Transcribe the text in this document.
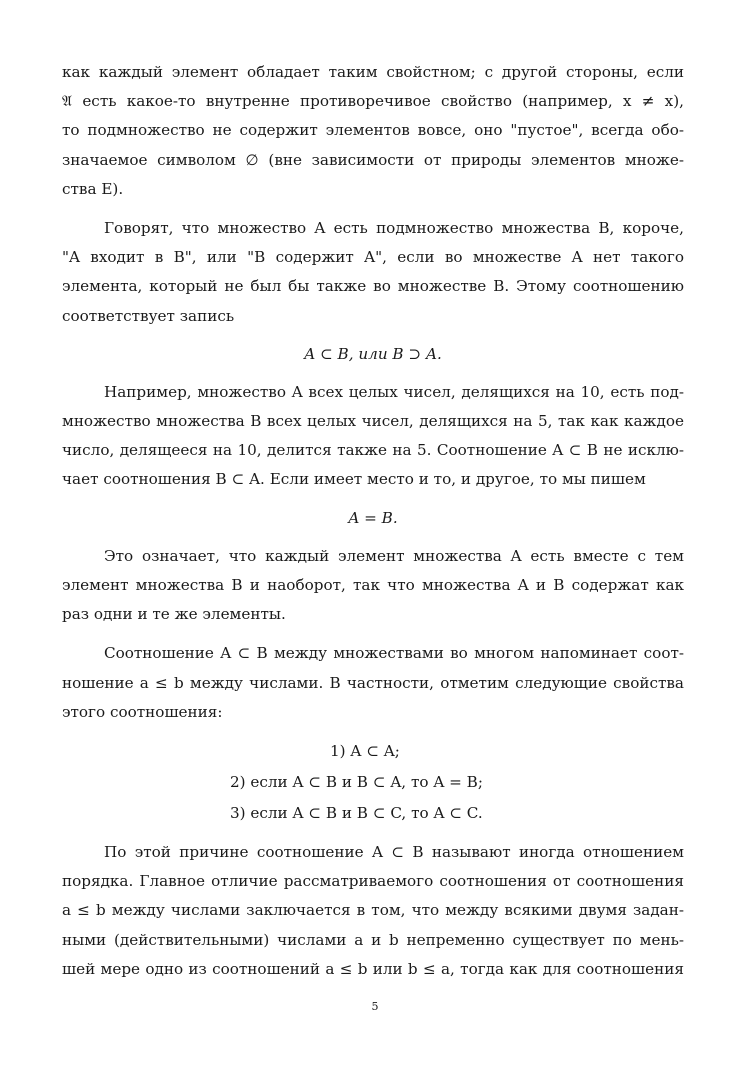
как каждый элемент обладает таким свойстном; с другой стороны, если
𝔄 есть какое-то внутренне противоречивое свойство (например, x ≠ x),
то подмножество не содержит элементов вовсе, оно "пустое", всегда обо-
значаемое символом ∅ (вне зависимости от природы элементов множе-
ства E).
Говорят, что множество A есть подмножество множества B, короче,
"A входит в B", или "B содержит A", если во множестве A нет такого
элемента, который не был бы также во множестве B. Этому соотношению
соответствует запись
A ⊂ B, или B ⊃ A.
Например, множество A всех целых чисел, делящихся на 10, есть под-
множество множества B всех целых чисел, делящихся на 5, так как каждое
число, делящееся на 10, делится также на 5. Соотношение A ⊂ B не исклю-
чает соотношения B ⊂ A. Если имеет место и то, и другое, то мы пишем
A = B.
Это означает, что каждый элемент множества A есть вместе с тем
элемент множества B и наоборот, так что множества A и B содержат как
раз одни и те же элементы.
Соотношение A ⊂ B между множествами во многом напоминает соот-
ношение a ≤ b между числами. В частности, отметим следующие свойства
этого соотношения:
1) A ⊂ A;
2) если A ⊂ B и B ⊂ A, то A = B;
3) если A ⊂ B и B ⊂ C, то A ⊂ C.
По этой причине соотношение A ⊂ B называют иногда отношением
порядка. Главное отличие рассматриваемого соотношения от соотношения
a ≤ b между числами заключается в том, что между всякими двумя задан-
ными (действительными) числами a и b непременно существует по мень-
шей мере одно из соотношений a ≤ b или b ≤ a, тогда как для соотношения
5
